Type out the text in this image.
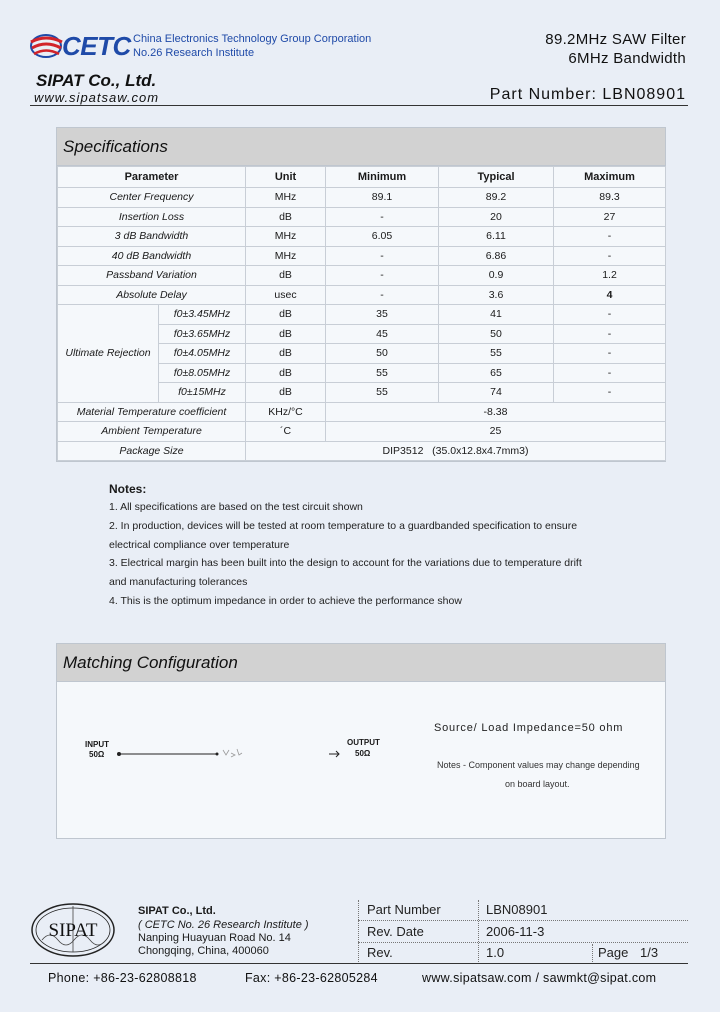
CETC China Electronics Technology Group Corporation
No.26 Research Institute
89.2MHz SAW Filter
6MHz Bandwidth
SIPAT Co., Ltd.
www.sipatsaw.com	Part Number: LBN08901
Specifications
Parameter		Unit	Minimum	Typical	Maximum
Center Frequency		MHz	89.1	89.2	89.3
Insertion Loss		dB	-	20	27
3 dB Bandwidth		MHz	6.05	6.11	-
40 dB Bandwidth		MHz	-	6.86	-
Passband Variation		dB	-	0.9	1.2
Absolute Delay		usec	-	3.6	4
Ultimate Rejection	f0±3.45MHz	dB	35	41	-
	f0±3.65MHz	dB	45	50	-
	f0±4.05MHz	dB	50	55	-
	f0±8.05MHz	dB	55	65	-
	f0±15MHz	dB	55	74	-
Material Temperature coefficient		KHz/°C	-8.38		
Ambient Temperature		´C	25		
Package Size		DIP3512   (35.0x12.8x4.7mm3)			
Notes:
1. All specifications are based on the test circuit shown
2. In production, devices will be tested at room temperature to a guardbanded specification to ensure
electrical compliance over temperature
3. Electrical margin has been built into the design to account for the variations due to temperature drift
and manufacturing tolerances
4. This is the optimum impedance in order to achieve the performance show
Matching Configuration
INPUT
50Ω
OUTPUT
50Ω
Source/ Load Impedance=50 ohm
Notes - Component values may change depending
on board layout.
SIPAT
SIPAT Co., Ltd.
( CETC No. 26 Research Institute )
Nanping Huayuan Road No. 14
Chongqing, China, 400060
Part Number	LBN08901
Rev. Date	2006-11-3
Rev.	1.0	Page 1/3
Phone: +86-23-62808818	Fax: +86-23-62805284	www.sipatsaw.com / sawmkt@sipat.com
